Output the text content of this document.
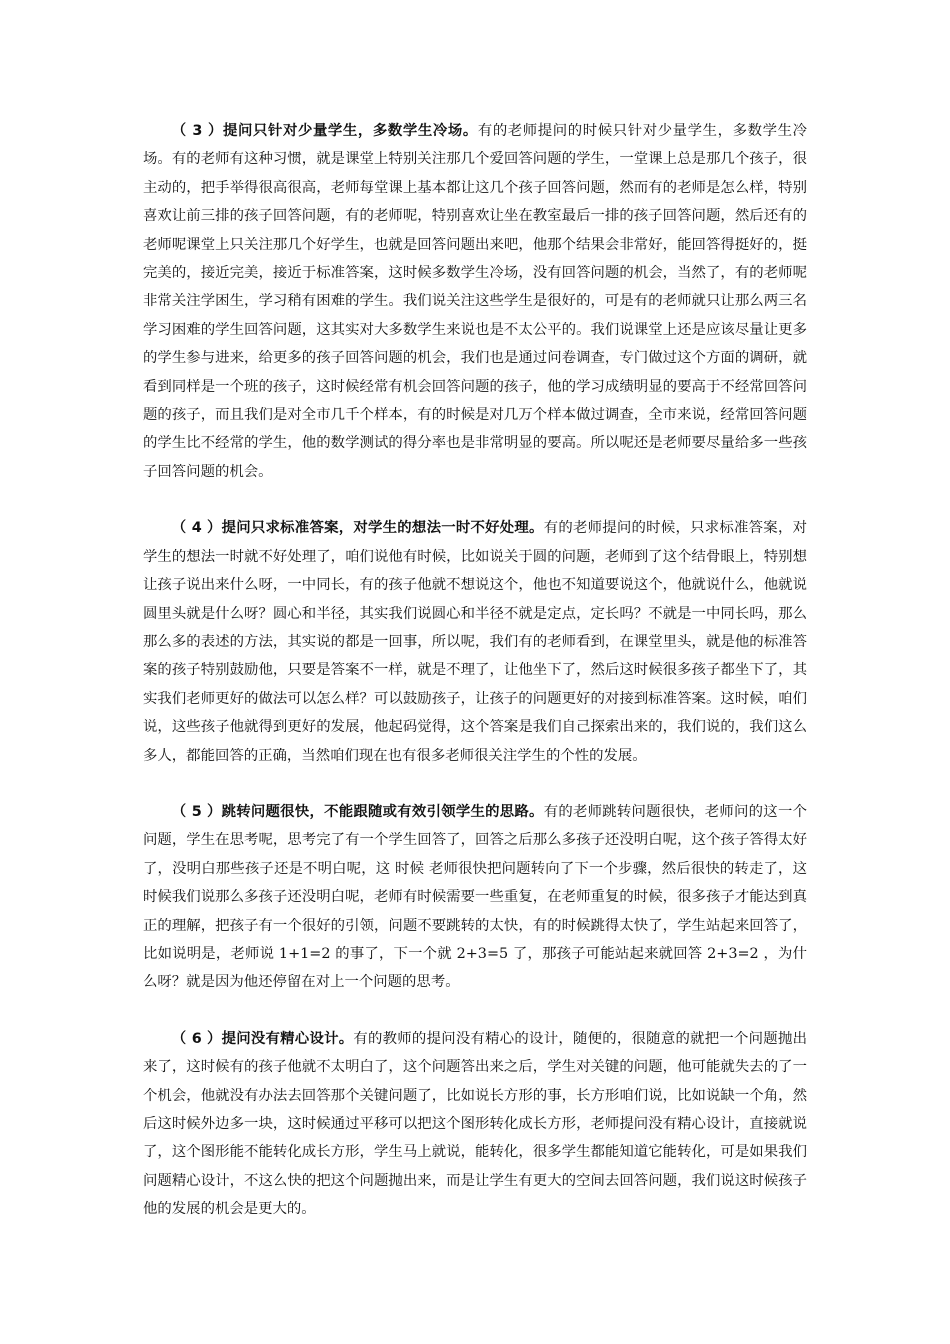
（ 3 ）提问只针对少量学生，多数学生冷场。有的老师提问的时候只针对少量学生，多数学生冷场。有的老师有这种习惯，就是课堂上特别关注那几个爱回答问题的学生，一堂课上总是那几个孩子，很主动的，把手举得很高很高，老师每堂课上基本都让这几个孩子回答问题，然而有的老师是怎么样，特别喜欢让前三排的孩子回答问题，有的老师呢，特别喜欢让坐在教室最后一排的孩子回答问题，然后还有的老师呢课堂上只关注那几个好学生，也就是回答问题出来吧，他那个结果会非常好，能回答得挺好的，挺完美的，接近完美，接近于标准答案，这时候多数学生冷场，没有回答问题的机会，当然了，有的老师呢非常关注学困生，学习稍有困难的学生。我们说关注这些学生是很好的，可是有的老师就只让那么两三名学习困难的学生回答问题，这其实对大多数学生来说也是不太公平的。我们说课堂上还是应该尽量让更多的学生参与进来，给更多的孩子回答问题的机会，我们也是通过问卷调查，专门做过这个方面的调研，就看到同样是一个班的孩子，这时候经常有机会回答问题的孩子，他的学习成绩明显的要高于不经常回答问题的孩子，而且我们是对全市几千个样本，有的时候是对几万个样本做过调查，全市来说，经常回答问题的学生比不经常的学生，他的数学测试的得分率也是非常明显的要高。所以呢还是老师要尽量给多一些孩子回答问题的机会。

（ 4 ）提问只求标准答案，对学生的想法一时不好处理。有的老师提问的时候，只求标准答案，对学生的想法一时就不好处理了，咱们说他有时候，比如说关于圆的问题，老师到了这个结骨眼上，特别想让孩子说出来什么呀，一中同长，有的孩子他就不想说这个，他也不知道要说这个，他就说什么，他就说圆里头就是什么呀？圆心和半径，其实我们说圆心和半径不就是定点，定长吗？不就是一中同长吗，那么那么多的表述的方法，其实说的都是一回事，所以呢，我们有的老师看到，在课堂里头，就是他的标准答案的孩子特别鼓励他，只要是答案不一样，就是不理了，让他坐下了，然后这时候很多孩子都坐下了，其实我们老师更好的做法可以怎么样？可以鼓励孩子，让孩子的问题更好的对接到标准答案。这时候，咱们说，这些孩子他就得到更好的发展，他起码觉得，这个答案是我们自己探索出来的，我们说的，我们这么多人，都能回答的正确，当然咱们现在也有很多老师很关注学生的个性的发展。

（ 5 ）跳转问题很快，不能跟随或有效引领学生的思路。有的老师跳转问题很快，老师问的这一个问题，学生在思考呢，思考完了有一个学生回答了，回答之后那么多孩子还没明白呢，这个孩子答得太好了，没明白那些孩子还是不明白呢，这 时候 老师很快把问题转向了下一个步骤，然后很快的转走了，这时候我们说那么多孩子还没明白呢，老师有时候需要一些重复，在老师重复的时候，很多孩子才能达到真正的理解，把孩子有一个很好的引领，问题不要跳转的太快，有的时候跳得太快了，学生站起来回答了，比如说明是，老师说 1+1=2 的事了，下一个就 2+3=5 了，那孩子可能站起来就回答 2+3=2 ，为什么呀？就是因为他还停留在对上一个问题的思考。

（ 6 ）提问没有精心设计。有的教师的提问没有精心的设计，随便的，很随意的就把一个问题抛出来了，这时候有的孩子他就不太明白了，这个问题答出来之后，学生对关键的问题，他可能就失去的了一个机会，他就没有办法去回答那个关键问题了，比如说长方形的事，长方形咱们说，比如说缺一个角，然后这时候外边多一块，这时候通过平移可以把这个图形转化成长方形，老师提问没有精心设计，直接就说了，这个图形能不能转化成长方形，学生马上就说，能转化，很多学生都能知道它能转化，可是如果我们问题精心设计，不这么快的把这个问题抛出来，而是让学生有更大的空间去回答问题，我们说这时候孩子他的发展的机会是更大的。
